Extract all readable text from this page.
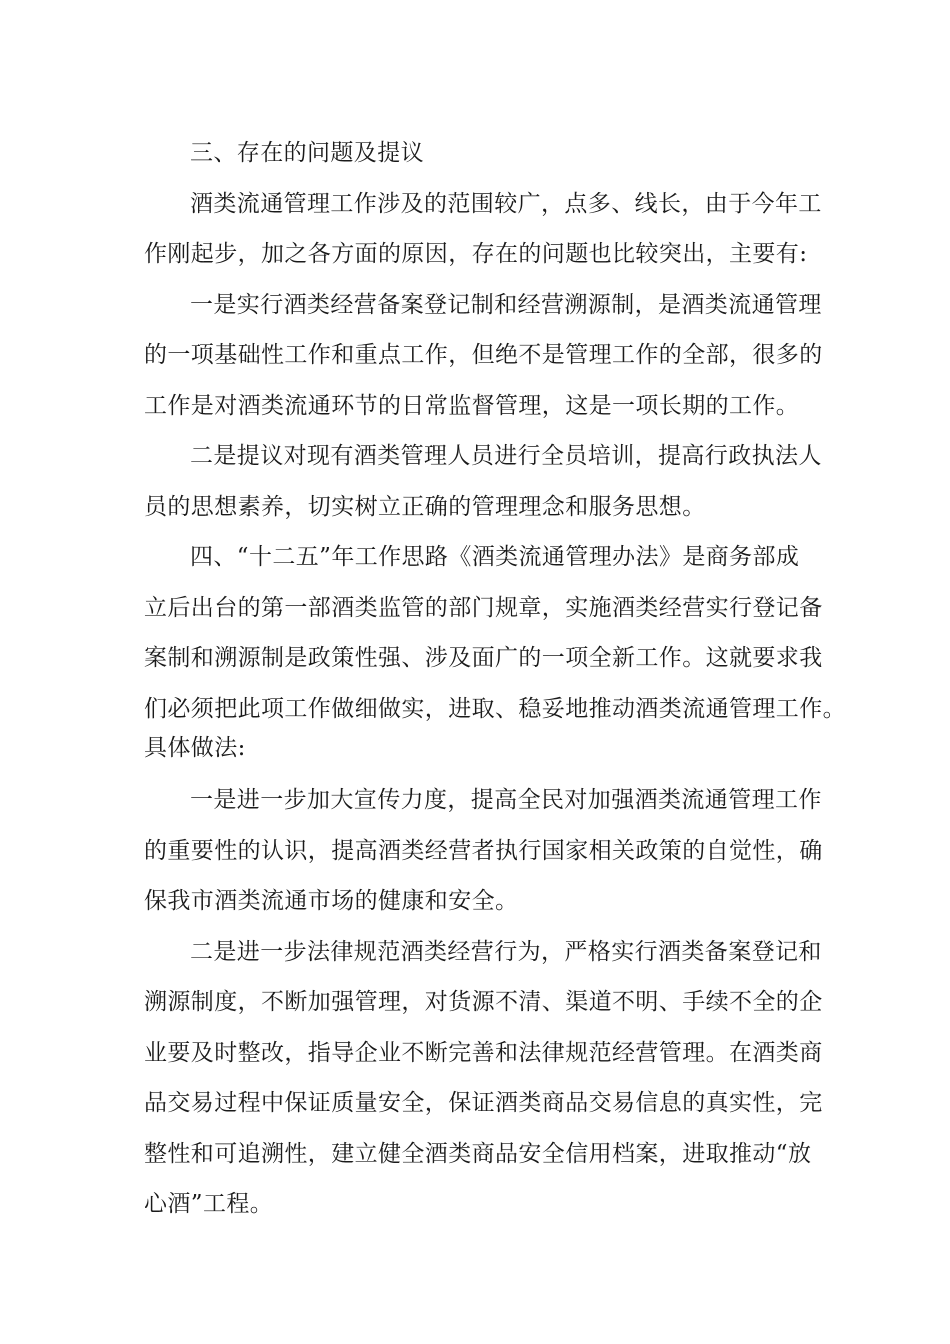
三、存在的问题及提议
酒类流通管理工作涉及的范围较广，点多、线长，由于今年工
作刚起步，加之各方面的原因，存在的问题也比较突出，主要有:
一是实行酒类经营备案登记制和经营溯源制，是酒类流通管理
的一项基础性工作和重点工作，但绝不是管理工作的全部，很多的
工作是对酒类流通环节的日常监督管理，这是一项长期的工作。
二是提议对现有酒类管理人员进行全员培训，提高行政执法人
员的思想素养，切实树立正确的管理理念和服务思想。
四、“十二五”年工作思路《酒类流通管理办法》是商务部成
立后出台的第一部酒类监管的部门规章，实施酒类经营实行登记备
案制和溯源制是政策性强、涉及面广的一项全新工作。这就要求我
们必须把此项工作做细做实，进取、稳妥地推动酒类流通管理工作。
具体做法:
一是进一步加大宣传力度，提高全民对加强酒类流通管理工作
的重要性的认识，提高酒类经营者执行国家相关政策的自觉性，确
保我市酒类流通市场的健康和安全。
二是进一步法律规范酒类经营行为，严格实行酒类备案登记和
溯源制度，不断加强管理，对货源不清、渠道不明、手续不全的企
业要及时整改，指导企业不断完善和法律规范经营管理。在酒类商
品交易过程中保证质量安全，保证酒类商品交易信息的真实性，完
整性和可追溯性，建立健全酒类商品安全信用档案，进取推动“放
心酒”工程。
